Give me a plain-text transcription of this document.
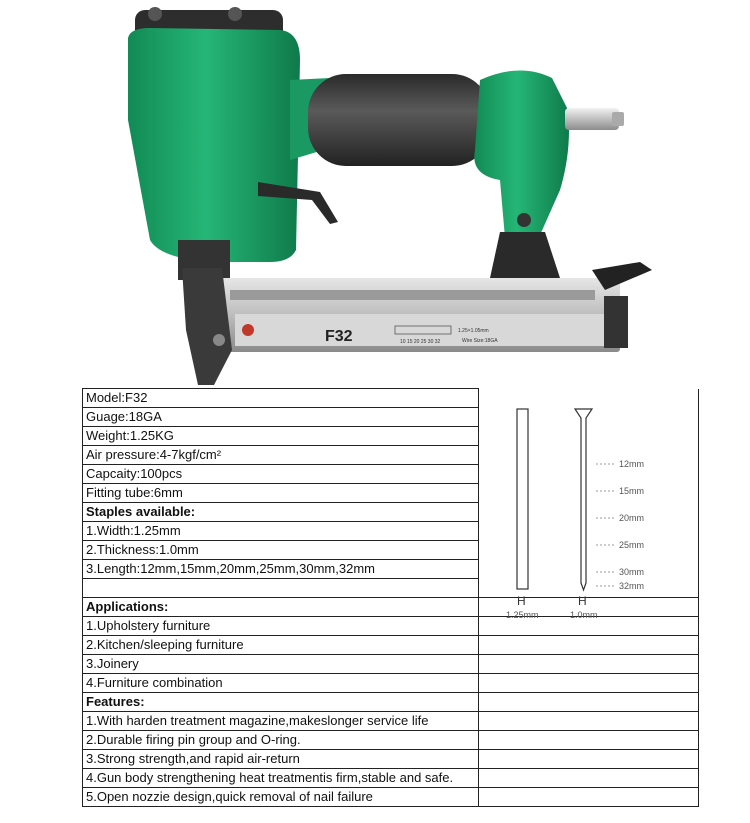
F32	10 15 20 25 30 32
1.25×1.05mm
Wire Size:18GA
Model:F32	
Guage:18GA	
Weight:1.25KG	
Air pressure:4-7kgf/cm²	
Capcaity:100pcs	
Fitting tube:6mm	
Staples available:	
1.Width:1.25mm	
2.Thickness:1.0mm	
3.Length:12mm,15mm,20mm,25mm,30mm,32mm	

Applications:	
1.Upholstery furniture	
2.Kitchen/sleeping furniture	
3.Joinery	
4.Furniture combination	
Features:	
1.With harden treatment magazine,makeslonger service life	
2.Durable firing pin group and O-ring.	
3.Strong strength,and rapid air-return	
4.Gun body strengthening heat treatmentis firm,stable and safe.	
5.Open nozzie design,quick removal of nail failure	
H	H
1.25mm	1.0mm
12mm
15mm
20mm
25mm
30mm
32mm
